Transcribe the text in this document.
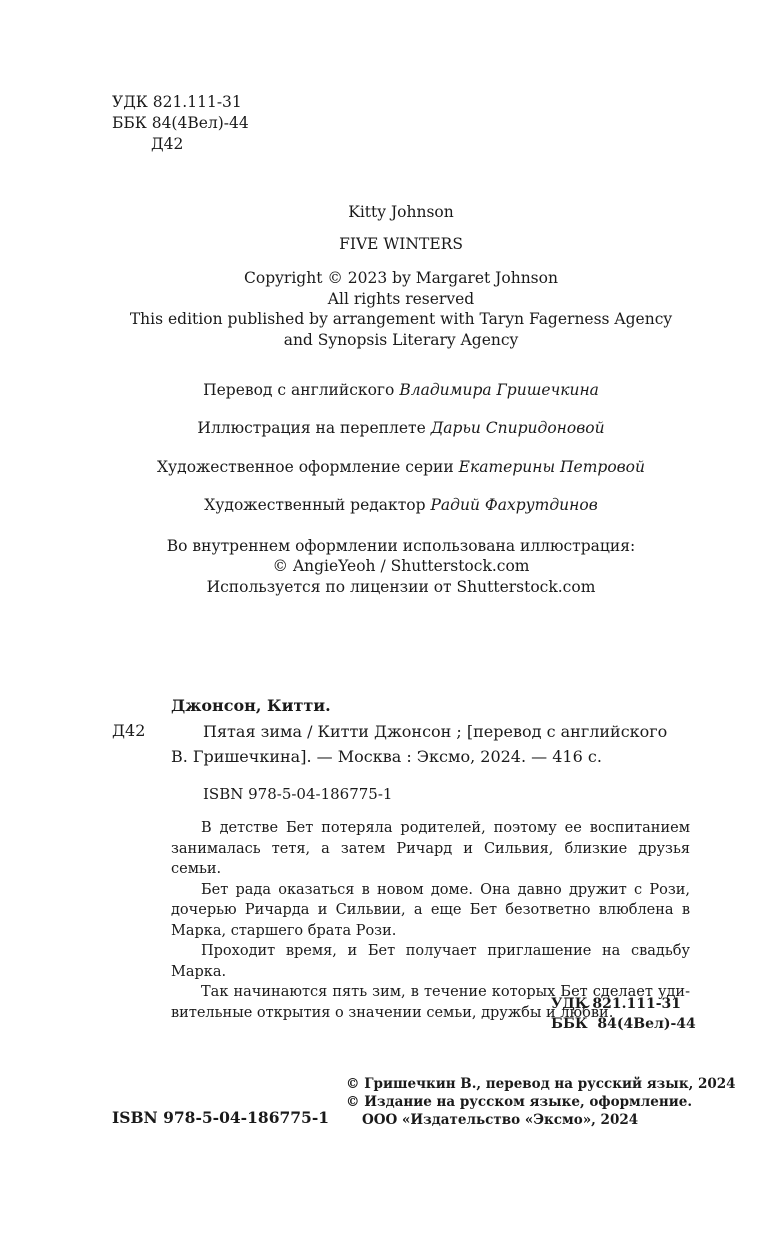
УДК 821.111-31
ББК 84(4Вел)-44
Д42
Kitty Johnson
FIVE WINTERS
Copyright © 2023 by Margaret Johnson
All rights reserved
This edition published by arrangement with Taryn Fagerness Agency
and Synopsis Literary Agency
Перевод с английского Владимира Гришечкина
Иллюстрация на переплете Дарьи Спиридоновой
Художественное оформление серии Екатерины Петровой
Художественный редактор Радий Фахрутдинов
Во внутреннем оформлении использована иллюстрация:
© AngieYeoh / Shutterstock.com
Используется по лицензии от Shutterstock.com
Джонсон, Китти.
Д42	Пятая зима / Китти Джонсон ; [перевод с английского
В. Гришечкина]. — Москва : Эксмо, 2024. — 416 с.
ISBN 978-5-04-186775-1

В детстве Бет потеряла родителей, поэтому ее воспитанием занималась тетя, а затем Ричард и Сильвия, близкие друзья семьи.

Бет рада оказаться в новом доме. Она давно дружит с Рози, дочерью Ричарда и Сильвии, а еще Бет безответно влюблена в Марка, старшего брата Рози.

Проходит время, и Бет получает приглашение на свадьбу Марка.

Так начинаются пять зим, в течение которых Бет сделает удивительные открытия о значении семьи, дружбы и любви.

УДК 821.111-31
ББК  84(4Вел)-44
© Гришечкин В., перевод на русский язык, 2024
© Издание на русском языке, оформление.
ООО «Издательство «Эксмо», 2024
ISBN 978-5-04-186775-1
